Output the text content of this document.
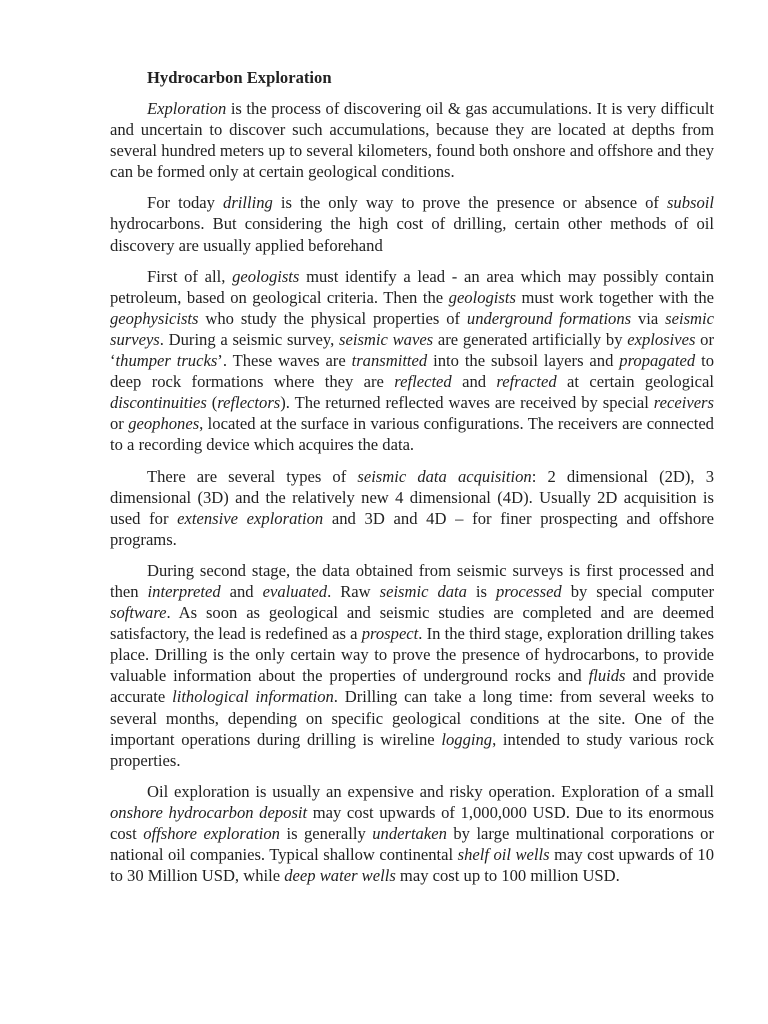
Hydrocarbon Exploration

Exploration is the process of discovering oil & gas accumulations. It is very difficult and uncertain to discover such accumulations, because they are located at depths from several hundred meters up to several kilometers, found both onshore and offshore and they can be formed only at certain geological conditions.

For today drilling is the only way to prove the presence or absence of subsoil hydrocarbons. But considering the high cost of drilling, certain other methods of oil discovery are usually applied beforehand

First of all, geologists must identify a lead - an area which may possibly contain petroleum, based on geological criteria. Then the geologists must work together with the geophysicists who study the physical properties of underground formations via seismic surveys. During a seismic survey, seismic waves are generated artificially by explosives or ‘thumper trucks’. These waves are transmitted into the subsoil layers and propagated to deep rock formations where they are reflected and refracted at certain geological discontinuities (reflectors). The returned reflected waves are received by special receivers or geophones, located at the surface in various configurations. The receivers are connected to a recording device which acquires the data.

There are several types of seismic data acquisition: 2 dimensional (2D), 3 dimensional (3D) and the relatively new 4 dimensional (4D). Usually 2D acquisition is used for extensive exploration and 3D and 4D – for finer prospecting and offshore programs.

During second stage, the data obtained from seismic surveys is first processed and then interpreted and evaluated. Raw seismic data is processed by special computer software. As soon as geological and seismic studies are completed and are deemed satisfactory, the lead is redefined as a prospect. In the third stage, exploration drilling takes place. Drilling is the only certain way to prove the presence of hydrocarbons, to provide valuable information about the properties of underground rocks and fluids and provide accurate lithological information. Drilling can take a long time: from several weeks to several months, depending on specific geological conditions at the site. One of the important operations during drilling is wireline logging, intended to study various rock properties.

Oil exploration is usually an expensive and risky operation. Exploration of a small onshore hydrocarbon deposit may cost upwards of 1,000,000 USD. Due to its enormous cost offshore exploration is generally undertaken by large multinational corporations or national oil companies. Typical shallow continental shelf oil wells may cost upwards of 10 to 30 Million USD, while deep water wells may cost up to 100 million USD.
